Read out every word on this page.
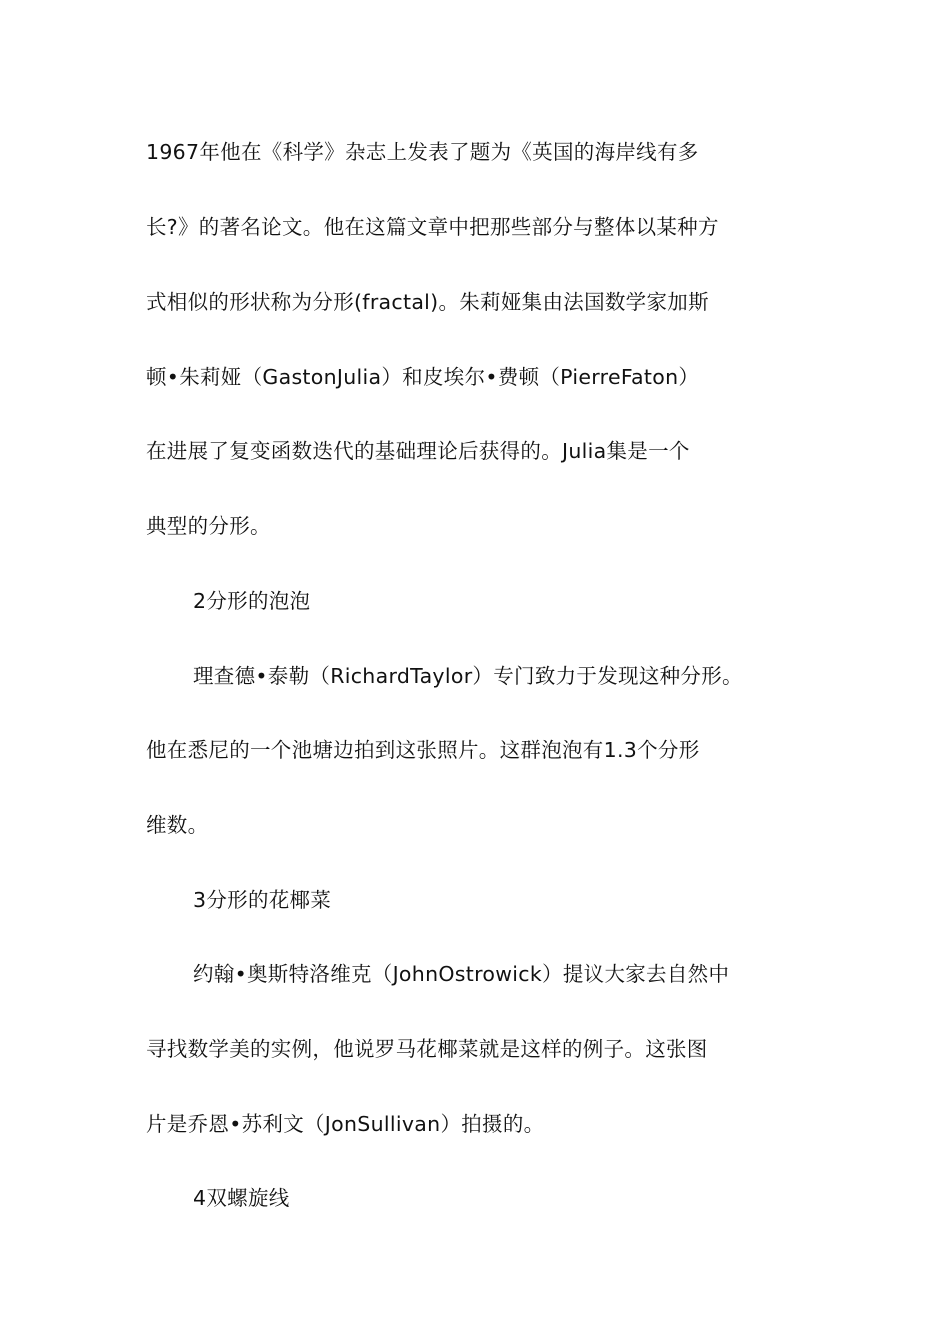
1967年他在《科学》杂志上发表了题为《英国的海岸线有多
长?》的著名论文。他在这篇文章中把那些部分与整体以某种方
式相似的形状称为分形(fractal)。朱莉娅集由法国数学家加斯
顿•朱莉娅（GastonJulia）和皮埃尔•费顿（PierreFaton）
在进展了复变函数迭代的基础理论后获得的。Julia集是一个
典型的分形。
2分形的泡泡
理查德•泰勒（RichardTaylor）专门致力于发现这种分形。
他在悉尼的一个池塘边拍到这张照片。这群泡泡有1.3个分形
维数。
3分形的花椰菜
约翰•奥斯特洛维克（JohnOstrowick）提议大家去自然中
寻找数学美的实例，他说罗马花椰菜就是这样的例子。这张图
片是乔恩•苏利文（JonSullivan）拍摄的。
4双螺旋线
